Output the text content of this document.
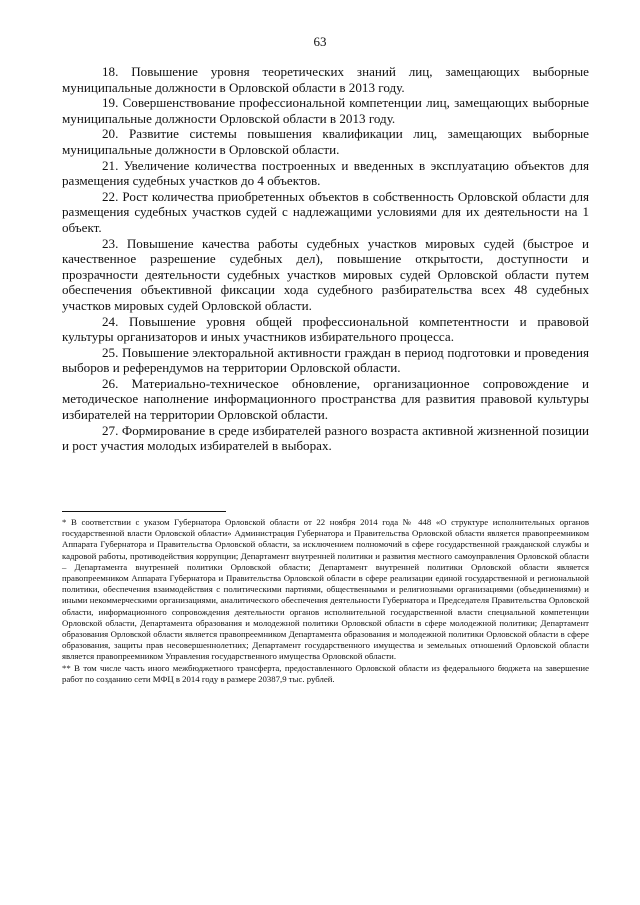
63

18. Повышение уровня теоретических знаний лиц, замещающих выборные муниципальные должности в Орловской области в 2013 году.

19. Совершенствование профессиональной компетенции лиц, замещающих выборные муниципальные должности Орловской области в 2013 году.

20. Развитие системы повышения квалификации лиц, замещающих выборные муниципальные должности в Орловской области.

21. Увеличение количества построенных и введенных в эксплуатацию объектов для размещения судебных участков до 4 объектов.

22. Рост количества приобретенных объектов в собственность Орловской области для размещения судебных участков судей с надлежащими условиями для их деятельности на 1 объект.

23. Повышение качества работы судебных участков мировых судей (быстрое и качественное разрешение судебных дел), повышение открытости, доступности и прозрачности деятельности судебных участков мировых судей Орловской области путем обеспечения объективной фиксации хода судебного разбирательства всех 48 судебных участков мировых судей Орловской области.

24. Повышение уровня общей профессиональной компетентности и правовой культуры организаторов и иных участников избирательного процесса.

25. Повышение электоральной активности граждан в период подготовки и проведения выборов и референдумов на территории Орловской области.

26. Материально-техническое обновление, организационное сопровождение и методическое наполнение информационного пространства для развития правовой культуры избирателей на территории Орловской области.

27. Формирование в среде избирателей разного возраста активной жизненной позиции и рост участия молодых избирателей в выборах.

* В соответствии с указом Губернатора Орловской области от 22 ноября 2014 года № 448 «О структуре исполнительных органов государственной власти Орловской области» Администрация Губернатора и Правительства Орловской области является правопреемником Аппарата Губернатора и Правительства Орловской области, за исключением полномочий в сфере государственной гражданской службы и кадровой работы, противодействия коррупции; Департамент внутренней политики и развития местного самоуправления Орловской области – Департамента внутренней политики Орловской области; Департамент внутренней политики Орловской области является правопреемником Аппарата Губернатора и Правительства Орловской области в сфере реализации единой государственной и региональной политики, обеспечения взаимодействия с политическими партиями, общественными и религиозными организациями (объединениями) и иными некоммерческими организациями, аналитического обеспечения деятельности Губернатора и Председателя Правительства Орловской области, информационного сопровождения деятельности органов исполнительной государственной власти специальной компетенции Орловской области, Департамента образования и молодежной политики Орловской области в сфере молодежной политики; Департамент образования Орловской области является правопреемником Департамента образования и молодежной политики Орловской области в сфере образования, защиты прав несовершеннолетних; Департамент государственного имущества и земельных отношений Орловской области является правопреемником Управления государственного имущества Орловской области.

** В том числе часть иного межбюджетного трансферта, предоставленного Орловской области из федерального бюджета на завершение работ по созданию сети МФЦ в 2014 году в размере 20387,9 тыс. рублей.
